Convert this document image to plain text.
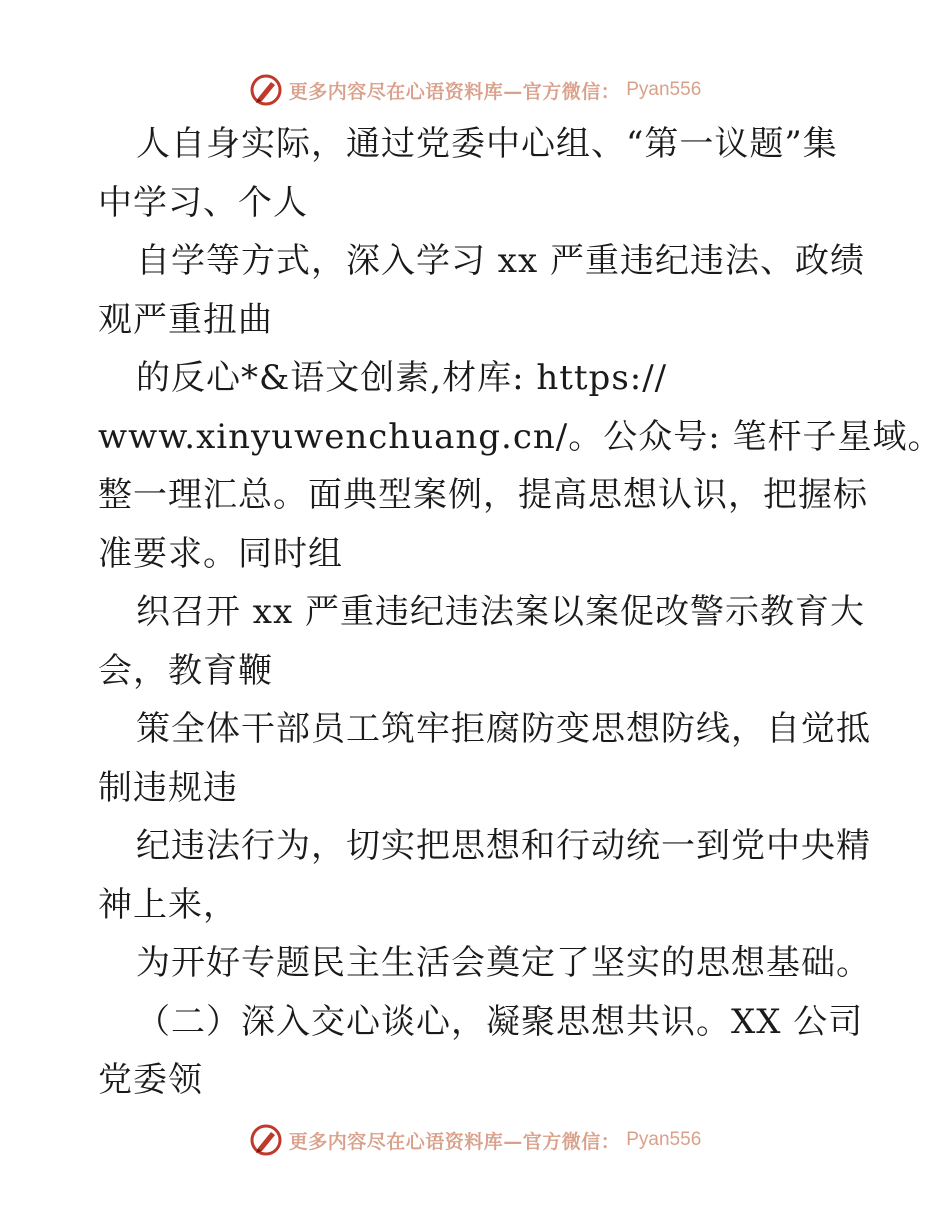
更多内容尽在心语资料库—官方微信： Pyan556
人自身实际，通过党委中心组、“第一议题”集
中学习、个人
自学等方式，深入学习 xx 严重违纪违法、政绩
观严重扭曲
的反心*&语文创素,材库: https://
www.xinyuwenchuang.cn/。公众号: 笔杆子星域。
整一理汇总。面典型案例，提高思想认识，把握标
准要求。同时组
织召开 xx 严重违纪违法案以案促改警示教育大
会，教育鞭
策全体干部员工筑牢拒腐防变思想防线，自觉抵
制违规违
纪违法行为，切实把思想和行动统一到党中央精
神上来，
为开好专题民主生活会奠定了坚实的思想基础。
（二）深入交心谈心，凝聚思想共识。XX 公司
党委领
更多内容尽在心语资料库—官方微信： Pyan556
